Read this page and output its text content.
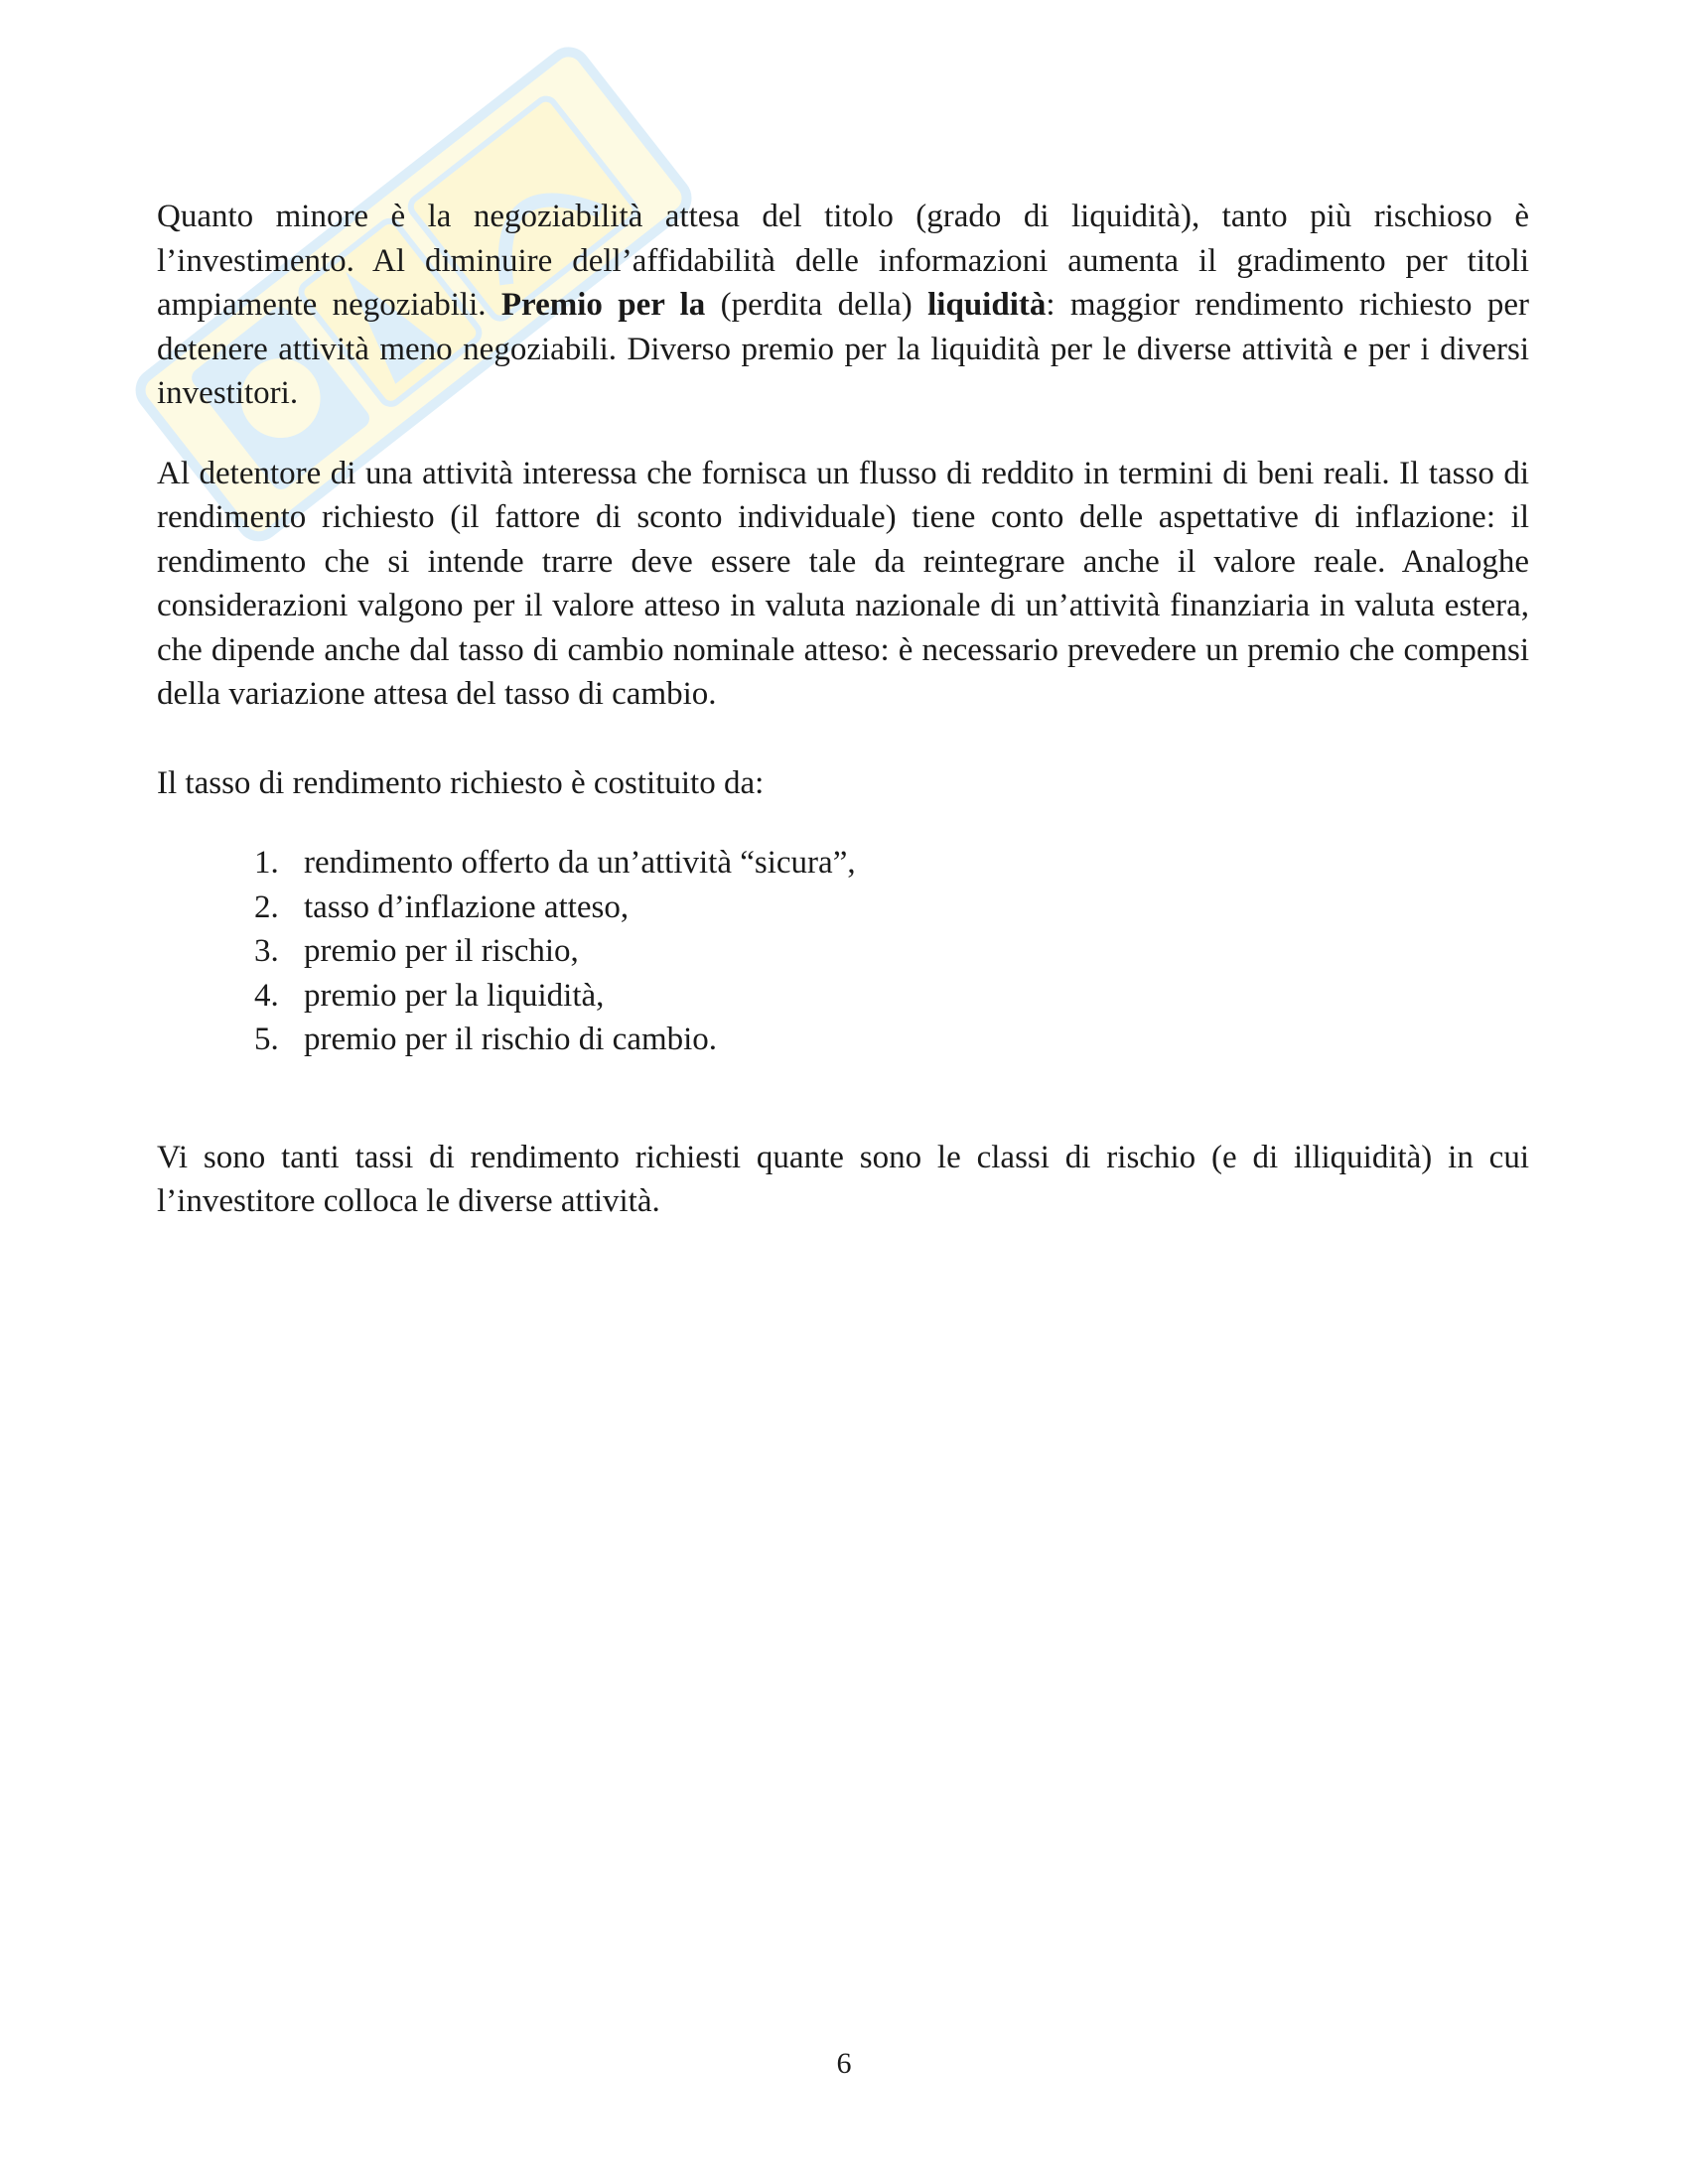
Quanto minore è la negoziabilità attesa del titolo (grado di liquidità), tanto più rischioso è l’investimento. Al diminuire dell’affidabilità delle informazioni aumenta il gradimento per titoli ampiamente negoziabili. Premio per la (perdita della) liquidità: maggior rendimento richiesto per detenere attività meno negoziabili. Diverso premio per la liquidità per le diverse attività e per i diversi investitori.

Al detentore di una attività interessa che fornisca un flusso di reddito in termini di beni reali. Il tasso di rendimento richiesto (il fattore di sconto individuale) tiene conto delle aspettative di inflazione: il rendimento che si intende trarre deve essere tale da reintegrare anche il valore reale. Analoghe considerazioni valgono per il valore atteso in valuta nazionale di un’attività finanziaria in valuta estera, che dipende anche dal tasso di cambio nominale atteso: è necessario prevedere un premio che compensi della variazione attesa del tasso di cambio.

Il tasso di rendimento richiesto è costituito da:

1. rendimento offerto da un’attività “sicura”,
2. tasso d’inflazione atteso,
3. premio per il rischio,
4. premio per la liquidità,
5. premio per il rischio di cambio.

Vi sono tanti tassi di rendimento richiesti quante sono le classi di rischio (e di illiquidità) in cui l’investitore colloca le diverse attività.

6
